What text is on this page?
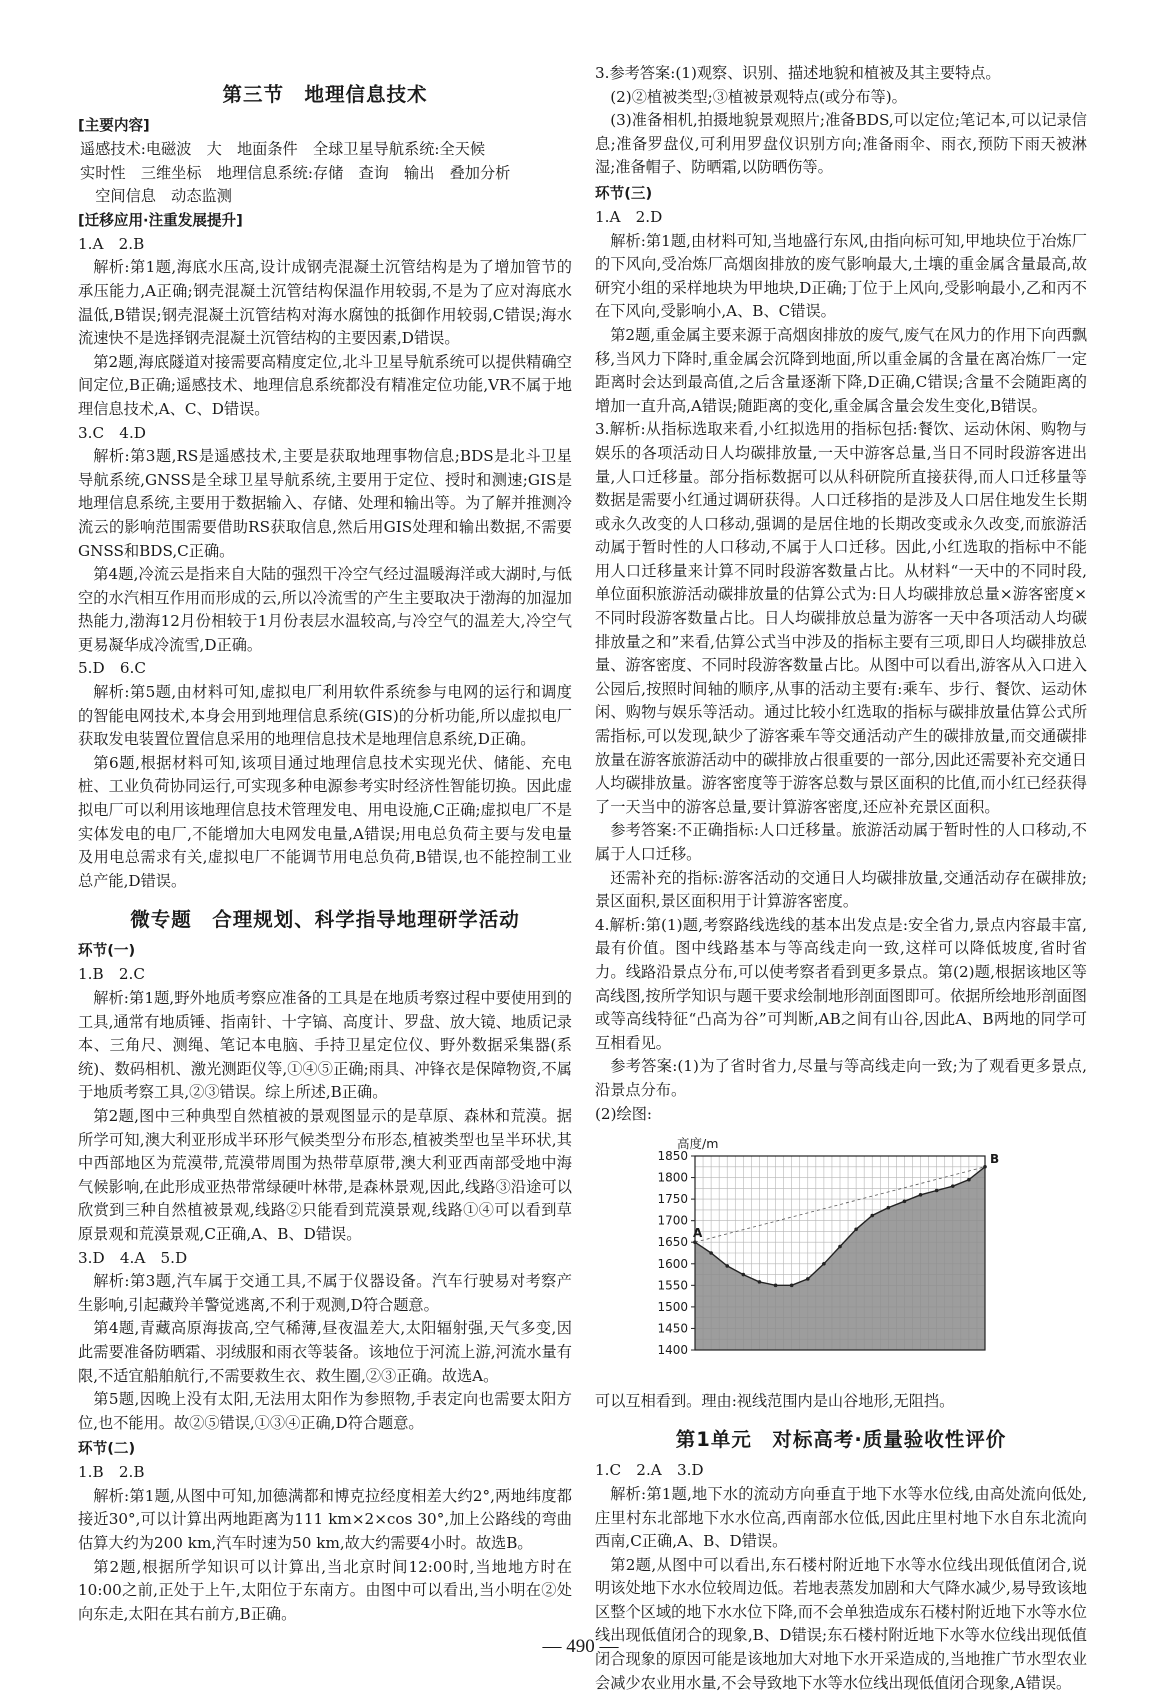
第三节　地理信息技术

[主要内容]

遥感技术:电磁波　大　地面条件　全球卫星导航系统:全天候

实时性　三维坐标　地理信息系统:存储　查询　输出　叠加分析

　空间信息　动态监测

[迁移应用·注重发展提升]

1.A　2.B

解析:第1题,海底水压高,设计成钢壳混凝土沉管结构是为了增加管节的承压能力,A正确;钢壳混凝土沉管结构保温作用较弱,不是为了应对海底水温低,B错误;钢壳混凝土沉管结构对海水腐蚀的抵御作用较弱,C错误;海水流速快不是选择钢壳混凝土沉管结构的主要因素,D错误。

第2题,海底隧道对接需要高精度定位,北斗卫星导航系统可以提供精确空间定位,B正确;遥感技术、地理信息系统都没有精准定位功能,VR不属于地理信息技术,A、C、D错误。

3.C　4.D

解析:第3题,RS是遥感技术,主要是获取地理事物信息;BDS是北斗卫星导航系统,GNSS是全球卫星导航系统,主要用于定位、授时和测速;GIS是地理信息系统,主要用于数据输入、存储、处理和输出等。为了解并推测冷流云的影响范围需要借助RS获取信息,然后用GIS处理和输出数据,不需要GNSS和BDS,C正确。

第4题,冷流云是指来自大陆的强烈干冷空气经过温暖海洋或大湖时,与低空的水汽相互作用而形成的云,所以冷流雪的产生主要取决于渤海的加湿加热能力,渤海12月份相较于1月份表层水温较高,与冷空气的温差大,冷空气更易凝华成冷流雪,D正确。

5.D　6.C

解析:第5题,由材料可知,虚拟电厂利用软件系统参与电网的运行和调度的智能电网技术,本身会用到地理信息系统(GIS)的分析功能,所以虚拟电厂获取发电装置位置信息采用的地理信息技术是地理信息系统,D正确。

第6题,根据材料可知,该项目通过地理信息技术实现光伏、储能、充电桩、工业负荷协同运行,可实现多种电源参考实时经济性智能切换。因此虚拟电厂可以利用该地理信息技术管理发电、用电设施,C正确;虚拟电厂不是实体发电的电厂,不能增加大电网发电量,A错误;用电总负荷主要与发电量及用电总需求有关,虚拟电厂不能调节用电总负荷,B错误,也不能控制工业总产能,D错误。

微专题　合理规划、科学指导地理研学活动

环节(一)

1.B　2.C

解析:第1题,野外地质考察应准备的工具是在地质考察过程中要使用到的工具,通常有地质锤、指南针、十字镐、高度计、罗盘、放大镜、地质记录本、三角尺、测绳、笔记本电脑、手持卫星定位仪、野外数据采集器(系统)、数码相机、激光测距仪等,①④⑤正确;雨具、冲锋衣是保障物资,不属于地质考察工具,②③错误。综上所述,B正确。

第2题,图中三种典型自然植被的景观图显示的是草原、森林和荒漠。据所学可知,澳大利亚形成半环形气候类型分布形态,植被类型也呈半环状,其中西部地区为荒漠带,荒漠带周围为热带草原带,澳大利亚西南部受地中海气候影响,在此形成亚热带常绿硬叶林带,是森林景观,因此,线路③沿途可以欣赏到三种自然植被景观,线路②只能看到荒漠景观,线路①④可以看到草原景观和荒漠景观,C正确,A、B、D错误。

3.D　4.A　5.D

解析:第3题,汽车属于交通工具,不属于仪器设备。汽车行驶易对考察产生影响,引起藏羚羊警觉逃离,不利于观测,D符合题意。

第4题,青藏高原海拔高,空气稀薄,昼夜温差大,太阳辐射强,天气多变,因此需要准备防晒霜、羽绒服和雨衣等装备。该地位于河流上游,河流水量有限,不适宜船舶航行,不需要救生衣、救生圈,②③正确。故选A。

第5题,因晚上没有太阳,无法用太阳作为参照物,手表定向也需要太阳方位,也不能用。故②⑤错误,①③④正确,D符合题意。

环节(二)

1.B　2.B

解析:第1题,从图中可知,加德满都和博克拉经度相差大约2°,两地纬度都接近30°,可以计算出两地距离为111 km×2×cos 30°,加上公路线的弯曲估算大约为200 km,汽车时速为50 km,故大约需要4小时。故选B。

第2题,根据所学知识可以计算出,当北京时间12:00时,当地地方时在10:00之前,正处于上午,太阳位于东南方。由图中可以看出,当小明在②处向东走,太阳在其右前方,B正确。

3.参考答案:(1)观察、识别、描述地貌和植被及其主要特点。

(2)②植被类型;③植被景观特点(或分布等)。

(3)准备相机,拍摄地貌景观照片;准备BDS,可以定位;笔记本,可以记录信息;准备罗盘仪,可利用罗盘仪识别方向;准备雨伞、雨衣,预防下雨天被淋湿;准备帽子、防晒霜,以防晒伤等。

环节(三)

1.A　2.D

解析:第1题,由材料可知,当地盛行东风,由指向标可知,甲地块位于冶炼厂的下风向,受冶炼厂高烟囱排放的废气影响最大,土壤的重金属含量最高,故研究小组的采样地块为甲地块,D正确;丁位于上风向,受影响最小,乙和丙不在下风向,受影响小,A、B、C错误。

第2题,重金属主要来源于高烟囱排放的废气,废气在风力的作用下向西飘移,当风力下降时,重金属会沉降到地面,所以重金属的含量在离冶炼厂一定距离时会达到最高值,之后含量逐渐下降,D正确,C错误;含量不会随距离的增加一直升高,A错误;随距离的变化,重金属含量会发生变化,B错误。

3.解析:从指标选取来看,小红拟选用的指标包括:餐饮、运动休闲、购物与娱乐的各项活动日人均碳排放量,一天中游客总量,当日不同时段游客进出量,人口迁移量。部分指标数据可以从科研院所直接获得,而人口迁移量等数据是需要小红通过调研获得。人口迁移指的是涉及人口居住地发生长期或永久改变的人口移动,强调的是居住地的长期改变或永久改变,而旅游活动属于暂时性的人口移动,不属于人口迁移。因此,小红选取的指标中不能用人口迁移量来计算不同时段游客数量占比。从材料“一天中的不同时段,单位面积旅游活动碳排放量的估算公式为:日人均碳排放总量×游客密度×不同时段游客数量占比。日人均碳排放总量为游客一天中各项活动人均碳排放量之和”来看,估算公式当中涉及的指标主要有三项,即日人均碳排放总量、游客密度、不同时段游客数量占比。从图中可以看出,游客从入口进入公园后,按照时间轴的顺序,从事的活动主要有:乘车、步行、餐饮、运动休闲、购物与娱乐等活动。通过比较小红选取的指标与碳排放量估算公式所需指标,可以发现,缺少了游客乘车等交通活动产生的碳排放量,而交通碳排放量在游客旅游活动中的碳排放占很重要的一部分,因此还需要补充交通日人均碳排放量。游客密度等于游客总数与景区面积的比值,而小红已经获得了一天当中的游客总量,要计算游客密度,还应补充景区面积。

参考答案:不正确指标:人口迁移量。旅游活动属于暂时性的人口移动,不属于人口迁移。

还需补充的指标:游客活动的交通日人均碳排放量,交通活动存在碳排放;景区面积,景区面积用于计算游客密度。

4.解析:第(1)题,考察路线选线的基本出发点是:安全省力,景点内容最丰富,最有价值。图中线路基本与等高线走向一致,这样可以降低坡度,省时省力。线路沿景点分布,可以使考察者看到更多景点。第(2)题,根据该地区等高线图,按所学知识与题干要求绘制地形剖面图即可。依据所绘地形剖面图或等高线特征“凸高为谷”可判断,AB之间有山谷,因此A、B两地的同学可互相看见。

参考答案:(1)为了省时省力,尽量与等高线走向一致;为了观看更多景点,沿景点分布。

(2)绘图:

1400
1450
1500
1550
1600
1650
1700
1750
1800
1850
高度/m
A
B

可以互相看到。理由:视线范围内是山谷地形,无阻挡。

第1单元　对标高考·质量验收性评价

1.C　2.A　3.D

解析:第1题,地下水的流动方向垂直于地下水等水位线,由高处流向低处,庄里村东北部地下水水位高,西南部水位低,因此庄里村地下水自东北流向西南,C正确,A、B、D错误。

第2题,从图中可以看出,东石楼村附近地下水等水位线出现低值闭合,说明该处地下水水位较周边低。若地表蒸发加剧和大气降水减少,易导致该地区整个区域的地下水水位下降,而不会单独造成东石楼村附近地下水等水位线出现低值闭合的现象,B、D错误;东石楼村附近地下水等水位线出现低值闭合现象的原因可能是该地加大对地下水开采造成的,当地推广节水型农业会减少农业用水量,不会导致地下水等水位线出现低值闭合现象,A错误。

— 490 —
